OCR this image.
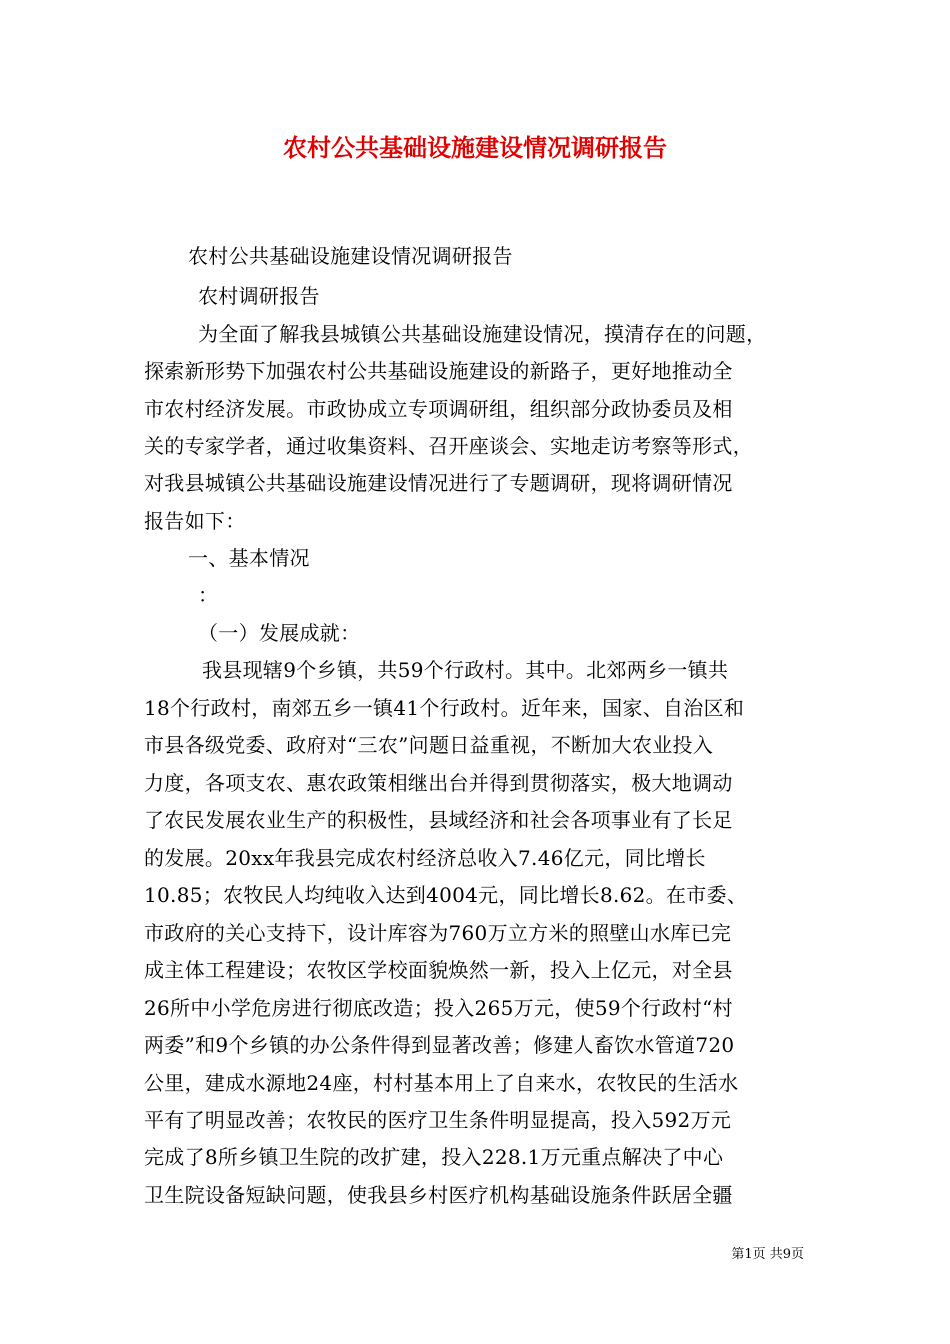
农村公共基础设施建设情况调研报告

农村公共基础设施建设情况调研报告

农村调研报告

为全面了解我县城镇公共基础设施建设情况，摸清存在的问题，

探索新形势下加强农村公共基础设施建设的新路子，更好地推动全

市农村经济发展。市政协成立专项调研组，组织部分政协委员及相

关的专家学者，通过收集资料、召开座谈会、实地走访考察等形式，

对我县城镇公共基础设施建设情况进行了专题调研，现将调研情况

报告如下：

一、基本情况

：

（一）发展成就：

我县现辖9个乡镇，共59个行政村。其中。北郊两乡一镇共

18个行政村，南郊五乡一镇41个行政村。近年来，国家、自治区和

市县各级党委、政府对“三农”问题日益重视，不断加大农业投入

力度，各项支农、惠农政策相继出台并得到贯彻落实，极大地调动

了农民发展农业生产的积极性，县域经济和社会各项事业有了长足

的发展。20xx年我县完成农村经济总收入7.46亿元，同比增长

10.85；农牧民人均纯收入达到4004元，同比增长8.62。在市委、

市政府的关心支持下，设计库容为760万立方米的照壁山水库已完

成主体工程建设；农牧区学校面貌焕然一新，投入上亿元，对全县

26所中小学危房进行彻底改造；投入265万元，使59个行政村“村

两委”和9个乡镇的办公条件得到显著改善；修建人畜饮水管道720

公里，建成水源地24座，村村基本用上了自来水，农牧民的生活水

平有了明显改善；农牧民的医疗卫生条件明显提高，投入592万元

完成了8所乡镇卫生院的改扩建，投入228.1万元重点解决了中心

卫生院设备短缺问题，使我县乡村医疗机构基础设施条件跃居全疆

第1页 共9页
